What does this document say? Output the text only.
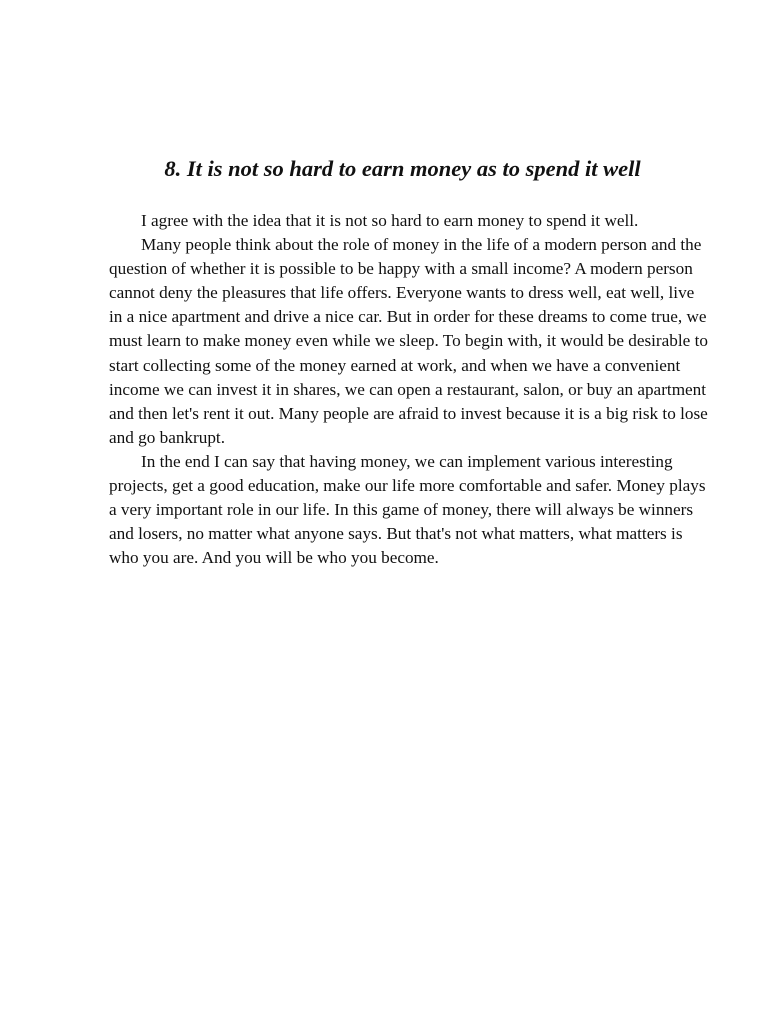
8. It is not so hard to earn money as to spend it well

I agree with the idea that it is not so hard to earn money to spend it well.

Many people think about the role of money in the life of a modern person and the question of whether it is possible to be happy with a small income? A modern person cannot deny the pleasures that life offers. Everyone wants to dress well, eat well, live in a nice apartment and drive a nice car. But in order for these dreams to come true, we must learn to make money even while we sleep. To begin with, it would be desirable to start collecting some of the money earned at work, and when we have a convenient income we can invest it in shares, we can open a restaurant, salon, or buy an apartment and then let's rent it out. Many people are afraid to invest because it is a big risk to lose and go bankrupt.

In the end I can say that having money, we can implement various interesting projects, get a good education, make our life more comfortable and safer. Money plays a very important role in our life. In this game of money, there will always be winners and losers, no matter what anyone says. But that's not what matters, what matters is who you are. And you will be who you become.
